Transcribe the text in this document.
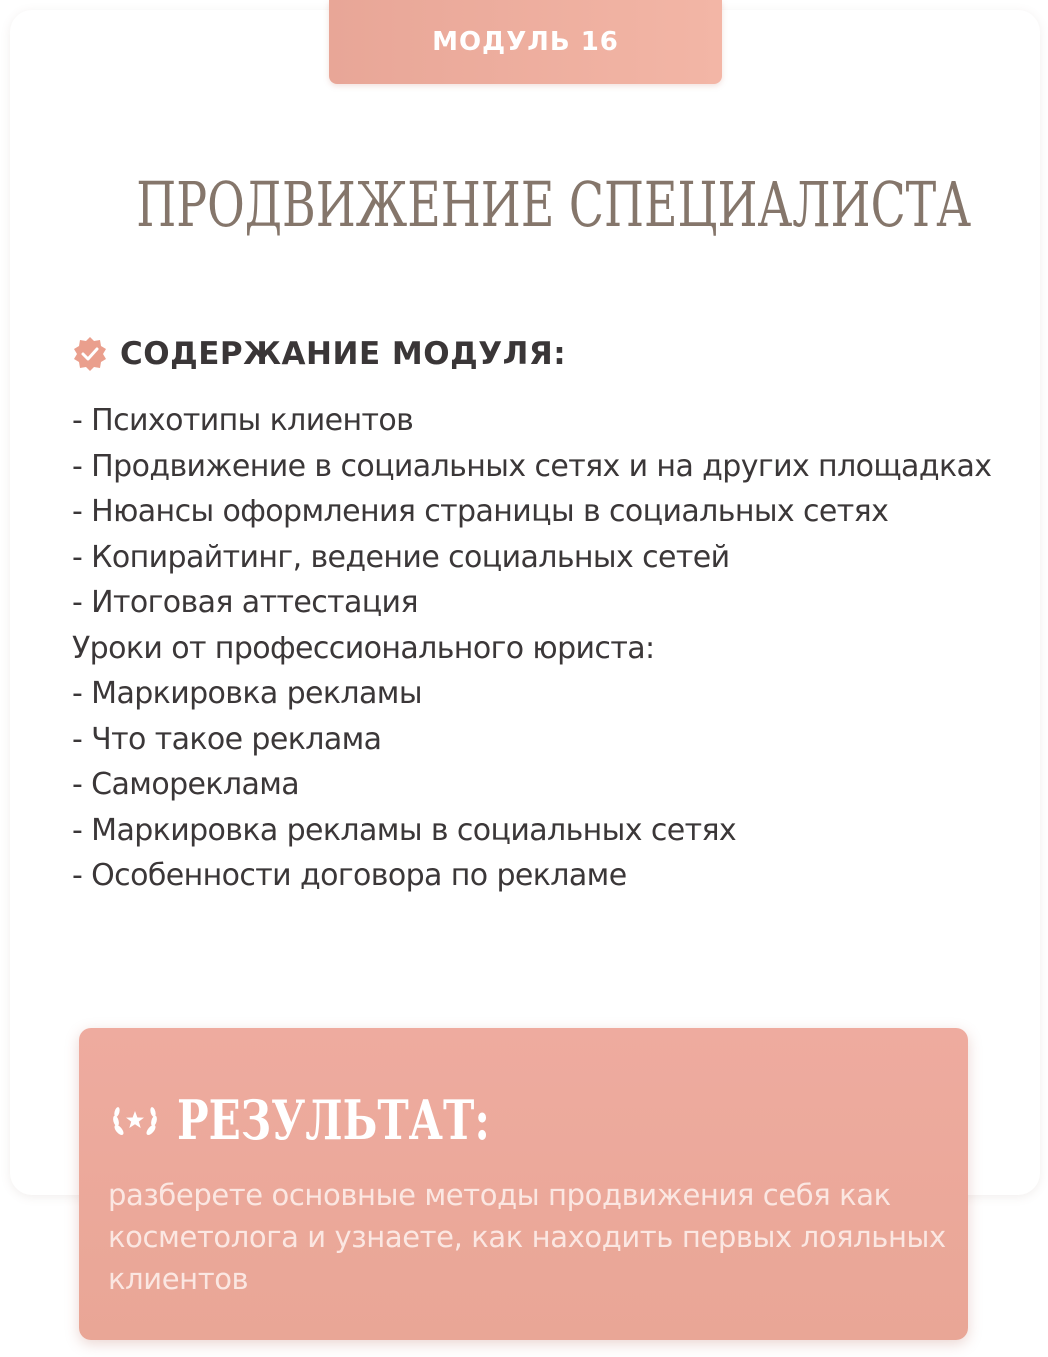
МОДУЛЬ 16
ПРОДВИЖЕНИЕ СПЕЦИАЛИСТА
СОДЕРЖАНИЕ МОДУЛЯ:
- Психотипы клиентов
- Продвижение в социальных сетях и на других площадках
- Нюансы оформления страницы в социальных сетях
- Копирайтинг, ведение социальных сетей
- Итоговая аттестация
Уроки от профессионального юриста:
- Маркировка рекламы
- Что такое реклама
- Самореклама
- Маркировка рекламы в социальных сетях
- Особенности договора по рекламе
РЕЗУЛЬТАТ:
разберете основные методы продвижения себя как косметолога и узнаете, как находить первых лояльных клиентов
